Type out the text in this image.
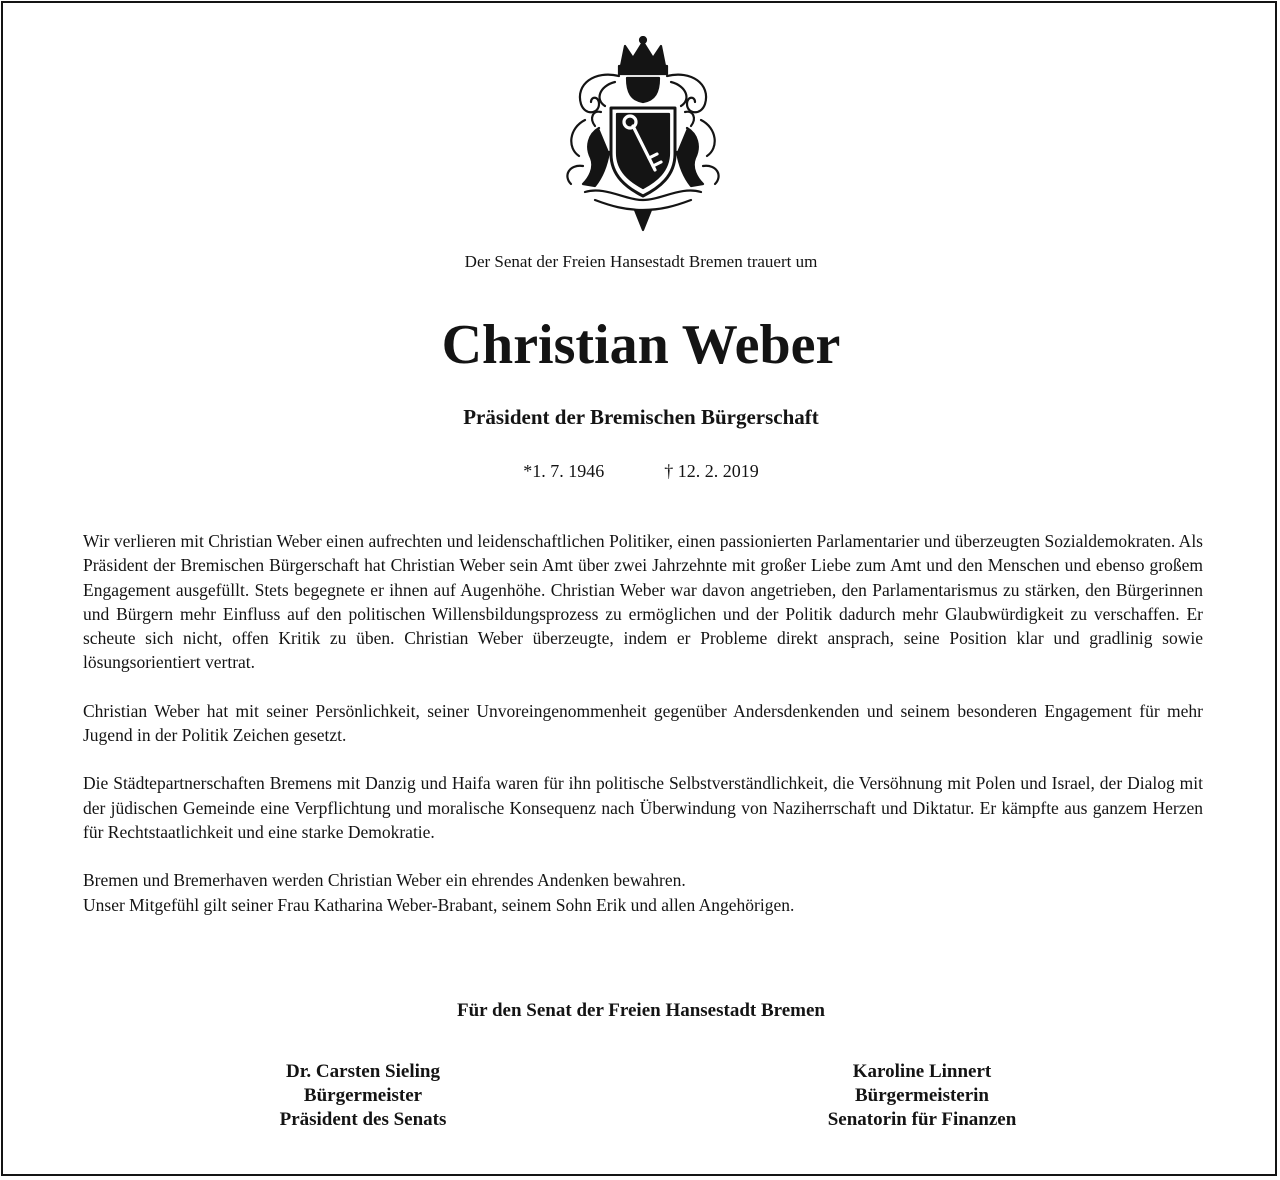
Der Senat der Freien Hansestadt Bremen trauert um
Christian Weber
Präsident der Bremischen Bürgerschaft
*1. 7. 1946	† 12. 2. 2019

Wir verlieren mit Christian Weber einen aufrechten und leidenschaftlichen Politiker, einen passionierten Parlamentarier und überzeugten Sozialdemokraten. Als Präsident der Bremischen Bürgerschaft hat Christian Weber sein Amt über zwei Jahrzehnte mit großer Liebe zum Amt und den Menschen und ebenso großem Engagement ausgefüllt. Stets begegnete er ihnen auf Augenhöhe. Christian Weber war davon angetrieben, den Parlamentarismus zu stärken, den Bürgerinnen und Bürgern mehr Einfluss auf den politischen Willensbildungsprozess zu ermöglichen und der Politik dadurch mehr Glaubwürdigkeit zu verschaffen. Er scheute sich nicht, offen Kritik zu üben. Christian Weber überzeugte, indem er Probleme direkt ansprach, seine Position klar und gradlinig sowie lösungsorientiert vertrat.

Christian Weber hat mit seiner Persönlichkeit, seiner Unvoreingenommenheit gegenüber Andersdenkenden und seinem besonderen Engagement für mehr Jugend in der Politik Zeichen gesetzt.

Die Städtepartnerschaften Bremens mit Danzig und Haifa waren für ihn politische Selbstverständlichkeit, die Versöhnung mit Polen und Israel, der Dialog mit der jüdischen Gemeinde eine Verpflichtung und moralische Konsequenz nach Überwindung von Naziherrschaft und Diktatur. Er kämpfte aus ganzem Herzen für Rechtstaatlichkeit und eine starke Demokratie.

Bremen und Bremerhaven werden Christian Weber ein ehrendes Andenken bewahren.
Unser Mitgefühl gilt seiner Frau Katharina Weber-Brabant, seinem Sohn Erik und allen Angehörigen.

Für den Senat der Freien Hansestadt Bremen
Dr. Carsten Sieling
Bürgermeister
Präsident des Senats
Karoline Linnert
Bürgermeisterin
Senatorin für Finanzen
